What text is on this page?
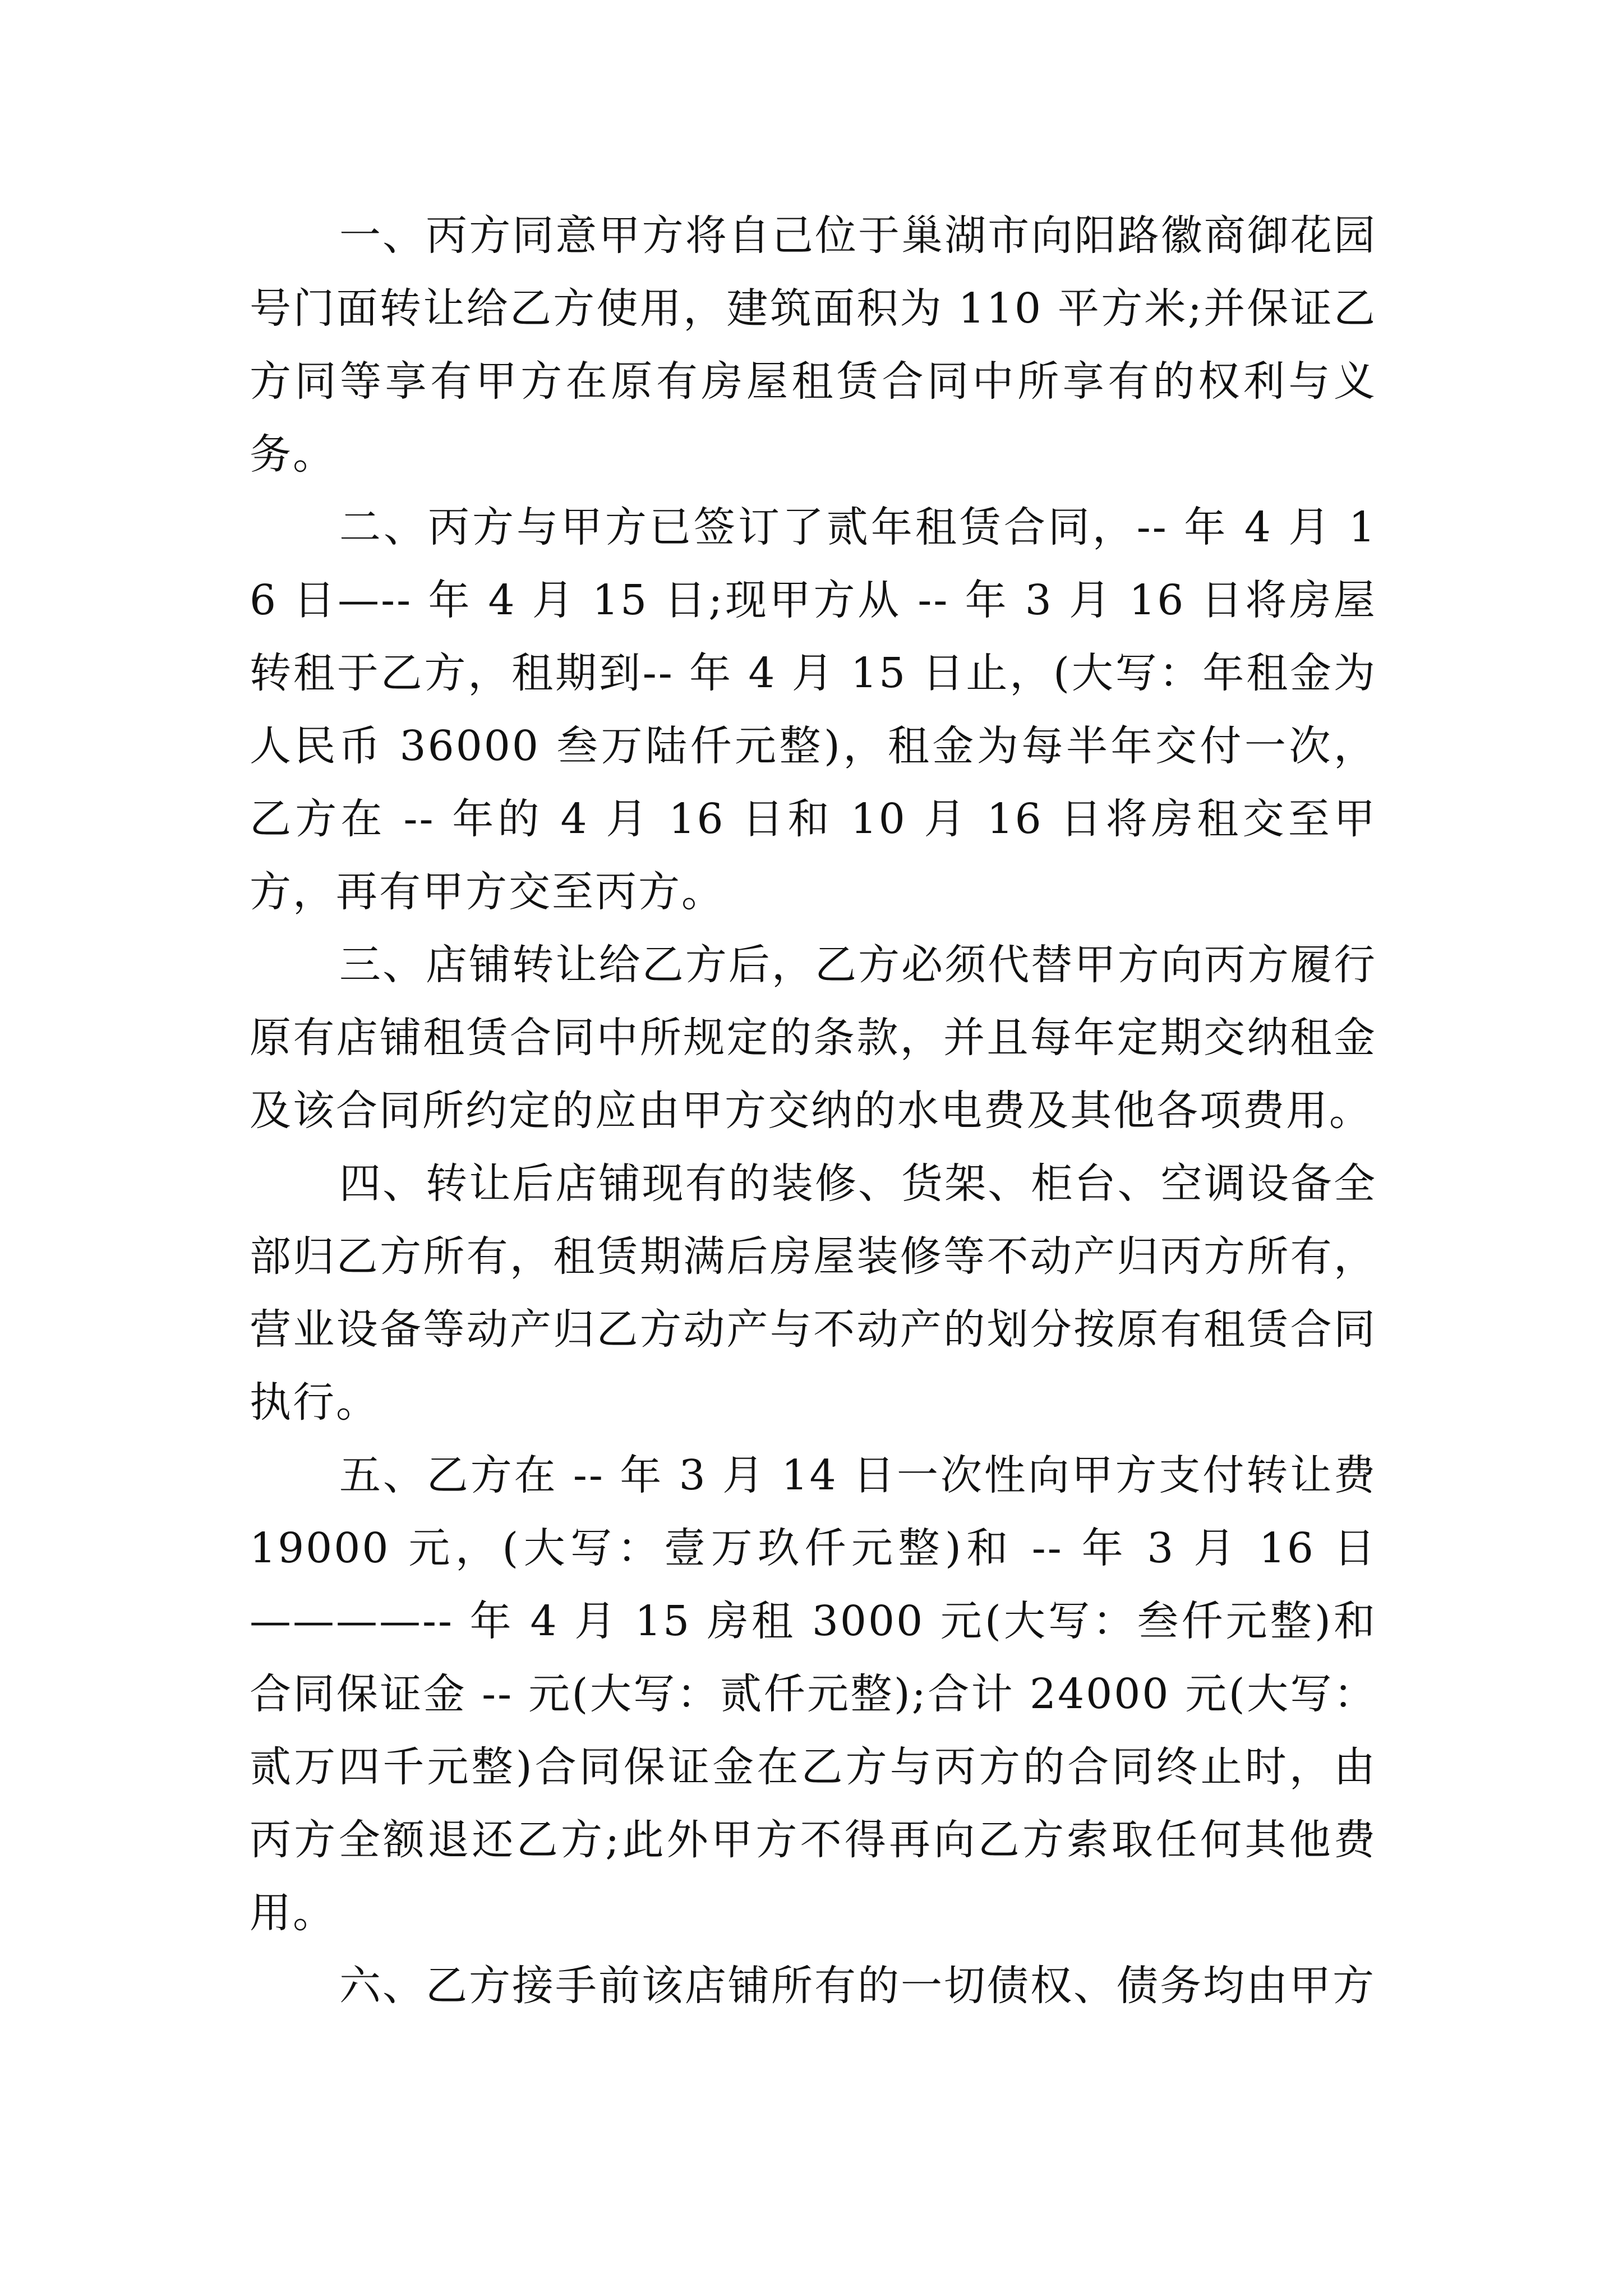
一、丙方同意甲方将自己位于巢湖市向阳路徽商御花园号门面转让给乙方使用，建筑面积为 110 平方米;并保证乙方同等享有甲方在原有房屋租赁合同中所享有的权利与义务。

二、丙方与甲方已签订了贰年租赁合同，-- 年 4 月 16 日—-- 年 4 月 15 日;现甲方从 -- 年 3 月 16 日将房屋转租于乙方，租期到-- 年 4 月 15 日止，(大写：年租金为人民币 36000 叁万陆仟元整)，租金为每半年交付一次，乙方在 -- 年的 4 月 16 日和 10 月 16 日将房租交至甲方，再有甲方交至丙方。

三、店铺转让给乙方后，乙方必须代替甲方向丙方履行原有店铺租赁合同中所规定的条款，并且每年定期交纳租金及该合同所约定的应由甲方交纳的水电费及其他各项费用。

四、转让后店铺现有的装修、货架、柜台、空调设备全部归乙方所有，租赁期满后房屋装修等不动产归丙方所有，营业设备等动产归乙方动产与不动产的划分按原有租赁合同执行。

五、乙方在 -- 年 3 月 14 日一次性向甲方支付转让费 19000 元，(大写：壹万玖仟元整)和 -- 年 3 月 16 日————-- 年 4 月 15 房租 3000 元(大写：叁仟元整)和合同保证金 -- 元(大写：贰仟元整);合计 24000 元(大写：贰万四千元整)合同保证金在乙方与丙方的合同终止时，由丙方全额退还乙方;此外甲方不得再向乙方索取任何其他费用。

六、乙方接手前该店铺所有的一切债权、债务均由甲方
